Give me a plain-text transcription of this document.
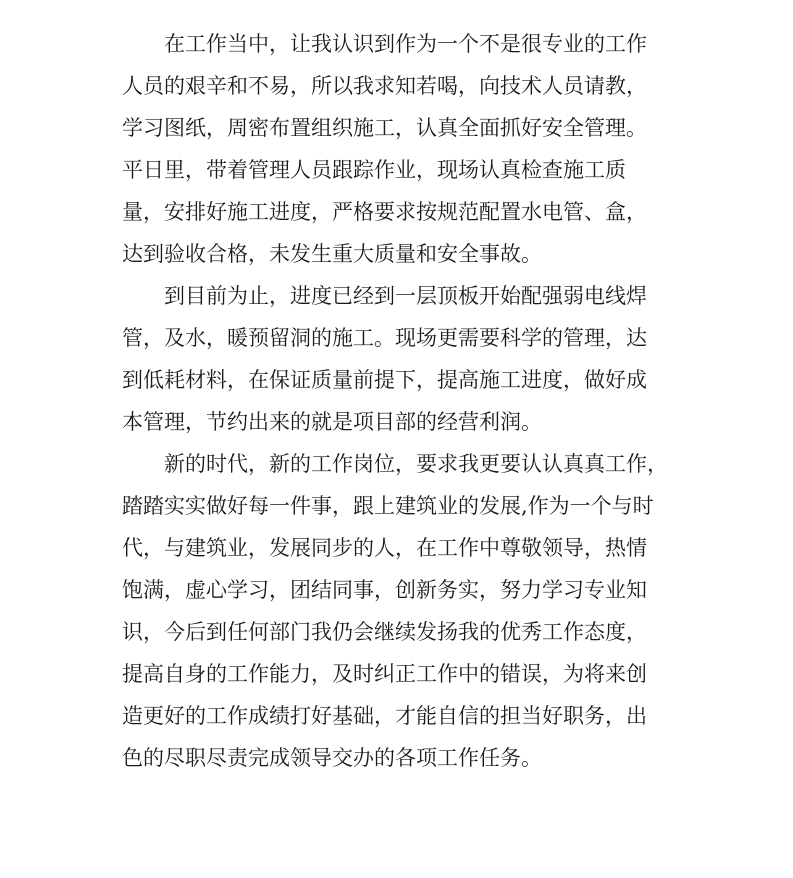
在工作当中，让我认识到作为一个不是很专业的工作
人员的艰辛和不易，所以我求知若喝，向技术人员请教，
学习图纸，周密布置组织施工，认真全面抓好安全管理。
平日里，带着管理人员跟踪作业，现场认真检查施工质
量，安排好施工进度，严格要求按规范配置水电管、盒，
达到验收合格，未发生重大质量和安全事故。
到目前为止，进度已经到一层顶板开始配强弱电线焊
管，及水，暖预留洞的施工。现场更需要科学的管理，达
到低耗材料，在保证质量前提下，提高施工进度，做好成
本管理，节约出来的就是项目部的经营利润。
新的时代，新的工作岗位，要求我更要认认真真工作，
踏踏实实做好每一件事，跟上建筑业的发展,作为一个与时
代，与建筑业，发展同步的人，在工作中尊敬领导，热情
饱满，虚心学习，团结同事，创新务实，努力学习专业知
识，今后到任何部门我仍会继续发扬我的优秀工作态度，
提高自身的工作能力，及时纠正工作中的错误，为将来创
造更好的工作成绩打好基础，才能自信的担当好职务，出
色的尽职尽责完成领导交办的各项工作任务。
